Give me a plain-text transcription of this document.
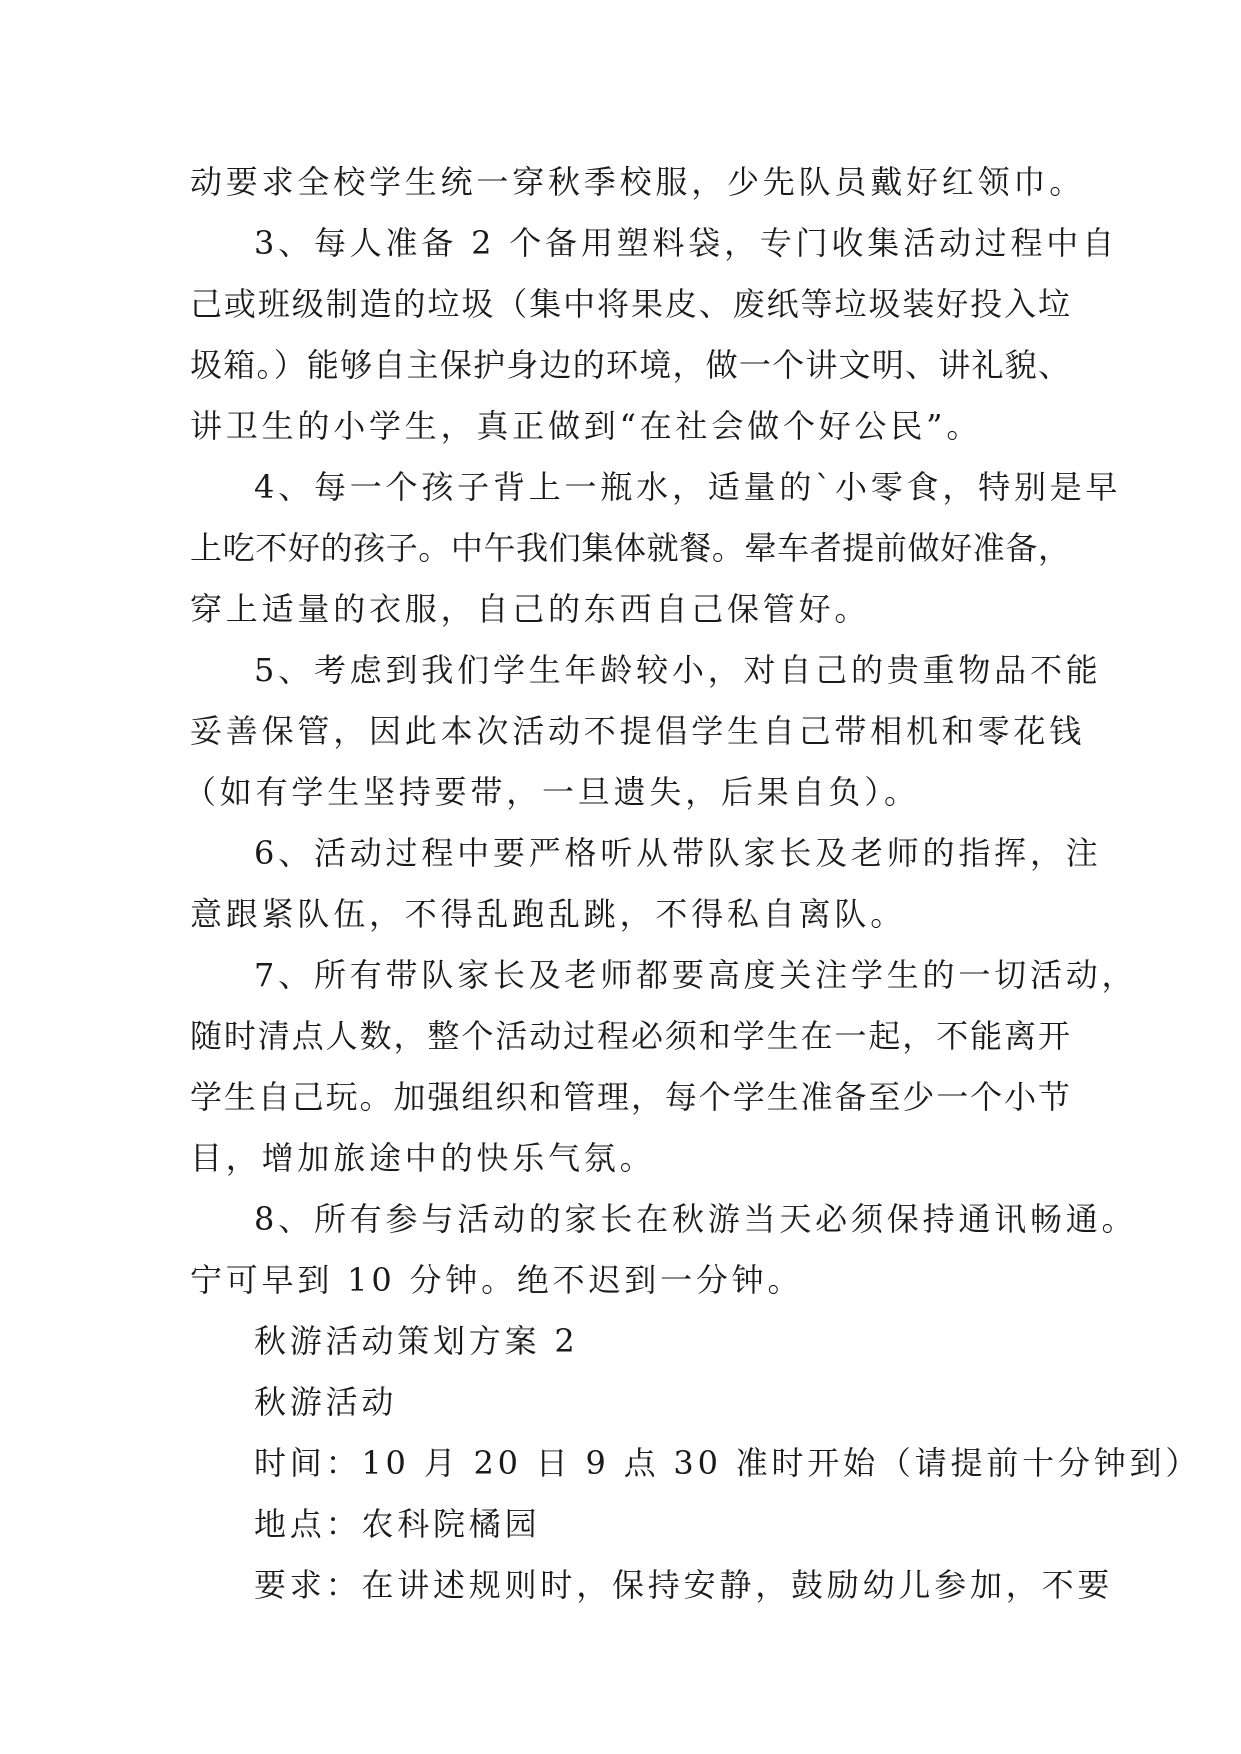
动要求全校学生统一穿秋季校服，少先队员戴好红领巾。
3、每人准备 2 个备用塑料袋，专门收集活动过程中自
己或班级制造的垃圾（集中将果皮、废纸等垃圾装好投入垃
圾箱。）能够自主保护身边的环境，做一个讲文明、讲礼貌、
讲卫生的小学生，真正做到“在社会做个好公民”。
4、每一个孩子背上一瓶水，适量的`小零食，特别是早
上吃不好的孩子。中午我们集体就餐。晕车者提前做好准备，
穿上适量的衣服，自己的东西自己保管好。
5、考虑到我们学生年龄较小，对自己的贵重物品不能
妥善保管，因此本次活动不提倡学生自己带相机和零花钱
（如有学生坚持要带，一旦遗失，后果自负）。
6、活动过程中要严格听从带队家长及老师的指挥，注
意跟紧队伍，不得乱跑乱跳，不得私自离队。
7、所有带队家长及老师都要高度关注学生的一切活动，
随时清点人数，整个活动过程必须和学生在一起，不能离开
学生自己玩。加强组织和管理，每个学生准备至少一个小节
目，增加旅途中的快乐气氛。
8、所有参与活动的家长在秋游当天必须保持通讯畅通。
宁可早到 10 分钟。绝不迟到一分钟。
秋游活动策划方案 2
秋游活动
时间：10 月 20 日 9 点 30 准时开始（请提前十分钟到）
地点：农科院橘园
要求：在讲述规则时，保持安静，鼓励幼儿参加，不要
